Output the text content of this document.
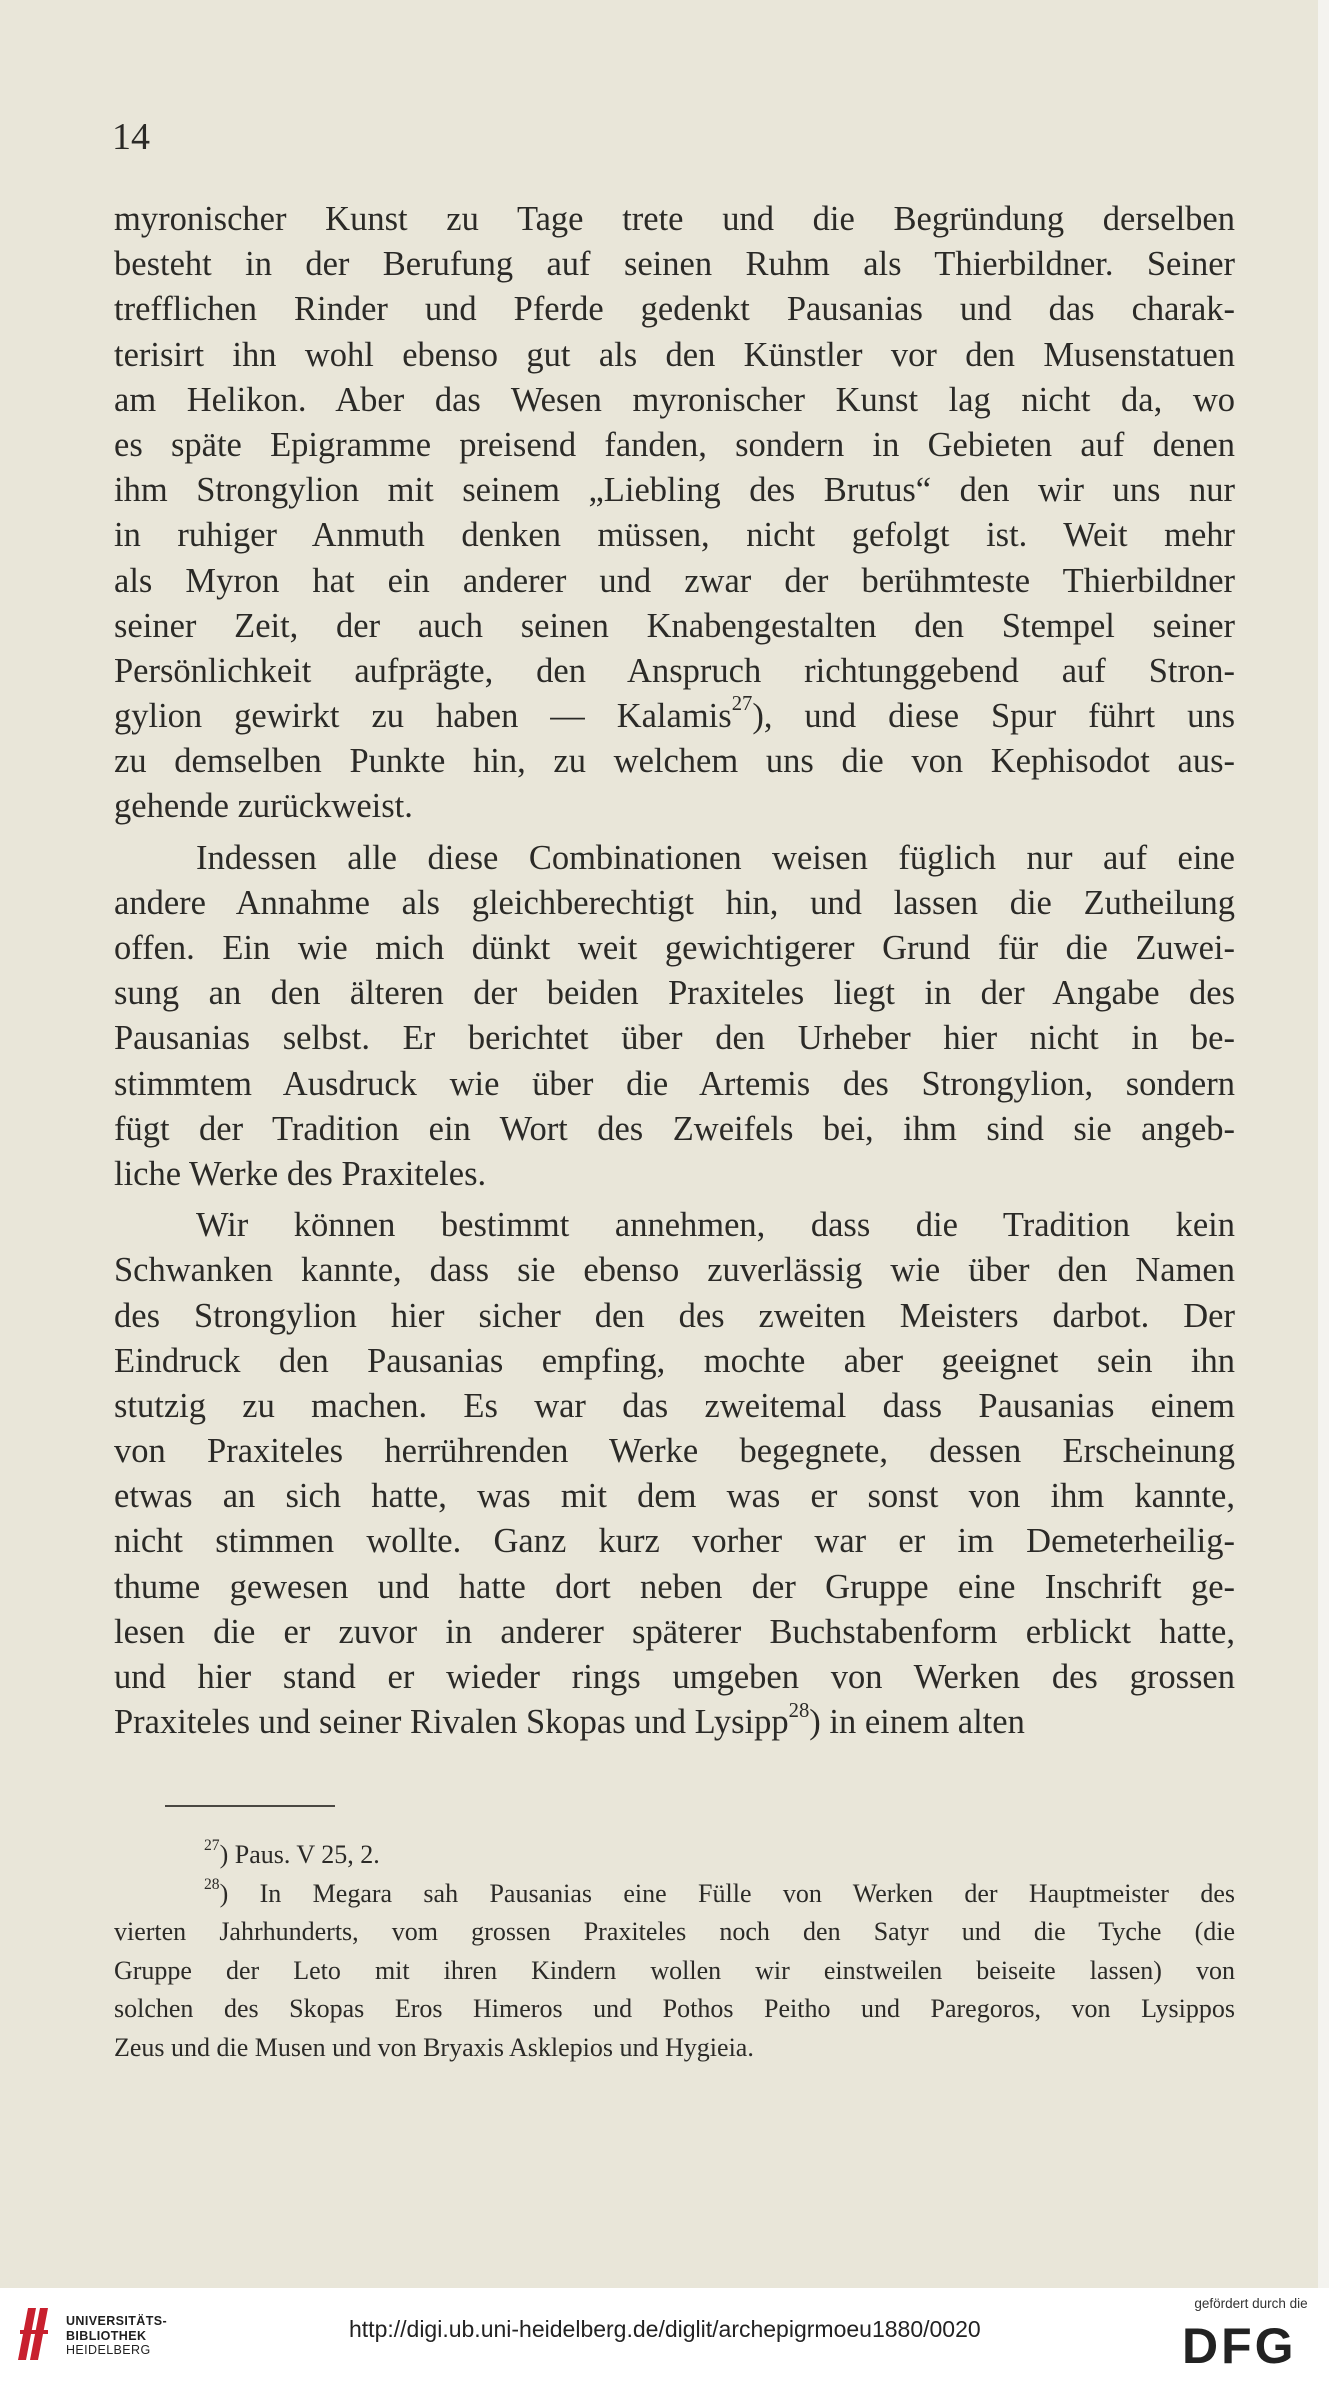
14
myronischer Kunst zu Tage trete und die Begründung derselben
besteht in der Berufung auf seinen Ruhm als Thierbildner. Seiner
trefflichen Rinder und Pferde gedenkt Pausanias und das charak-
terisirt ihn wohl ebenso gut als den Künstler vor den Musenstatuen
am Helikon. Aber das Wesen myronischer Kunst lag nicht da, wo
es späte Epigramme preisend fanden, sondern in Gebieten auf denen
ihm Strongylion mit seinem „Liebling des Brutus“ den wir uns nur
in ruhiger Anmuth denken müssen, nicht gefolgt ist. Weit mehr
als Myron hat ein anderer und zwar der berühmteste Thierbildner
seiner Zeit, der auch seinen Knabengestalten den Stempel seiner
Persönlichkeit aufprägte, den Anspruch richtunggebend auf Stron-
gylion gewirkt zu haben — Kalamis$^{27}$), und diese Spur führt uns
zu demselben Punkte hin, zu welchem uns die von Kephisodot aus-
gehende zurückweist.
Indessen alle diese Combinationen weisen füglich nur auf eine
andere Annahme als gleichberechtigt hin, und lassen die Zutheilung
offen. Ein wie mich dünkt weit gewichtigerer Grund für die Zuwei-
sung an den älteren der beiden Praxiteles liegt in der Angabe des
Pausanias selbst. Er berichtet über den Urheber hier nicht in be-
stimmtem Ausdruck wie über die Artemis des Strongylion, sondern
fügt der Tradition ein Wort des Zweifels bei, ihm sind sie angeb-
liche Werke des Praxiteles.
Wir können bestimmt annehmen, dass die Tradition kein
Schwanken kannte, dass sie ebenso zuverlässig wie über den Namen
des Strongylion hier sicher den des zweiten Meisters darbot. Der
Eindruck den Pausanias empfing, mochte aber geeignet sein ihn
stutzig zu machen. Es war das zweitemal dass Pausanias einem
von Praxiteles herrührenden Werke begegnete, dessen Erscheinung
etwas an sich hatte, was mit dem was er sonst von ihm kannte,
nicht stimmen wollte. Ganz kurz vorher war er im Demeterheilig-
thume gewesen und hatte dort neben der Gruppe eine Inschrift ge-
lesen die er zuvor in anderer späterer Buchstabenform erblickt hatte,
und hier stand er wieder rings umgeben von Werken des grossen
Praxiteles und seiner Rivalen Skopas und Lysipp$^{28}$) in einem alten
$^{27}$) Paus. V 25, 2.
$^{28}$) In Megara sah Pausanias eine Fülle von Werken der Hauptmeister des
vierten Jahrhunderts, vom grossen Praxiteles noch den Satyr und die Tyche (die
Gruppe der Leto mit ihren Kindern wollen wir einstweilen beiseite lassen) von
solchen des Skopas Eros Himeros und Pothos Peitho und Paregoros, von Lysippos
Zeus und die Musen und von Bryaxis Asklepios und Hygieia.
UNIVERSITÄTS-
BIBLIOTHEK
HEIDELBERG
http://digi.ub.uni-heidelberg.de/diglit/archepigrmoeu1880/0020
gefördert durch die
DFG
